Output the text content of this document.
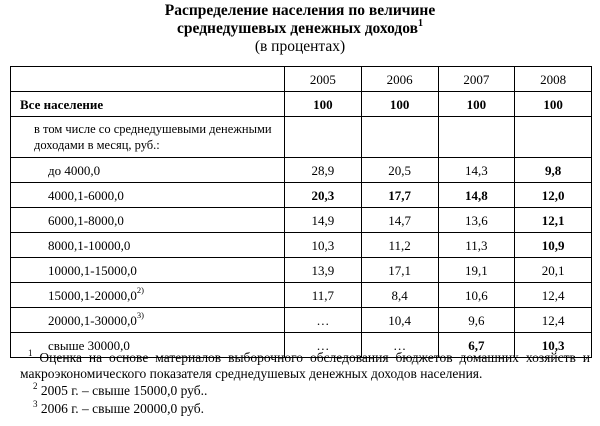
Распределение населения по величине
среднедушевых денежных доходов$^1$
(в процентах)
	2005	2006	2007	2008
Все население	100	100	100	100
в том числе со среднедушевыми денежными доходами в месяц, руб.:				
до 4000,0	28,9	20,5	14,3	9,8
4000,1-6000,0	20,3	17,7	14,8	12,0
6000,1-8000,0	14,9	14,7	13,6	12,1
8000,1-10000,0	10,3	11,2	11,3	10,9
10000,1-15000,0	13,9	17,1	19,1	20,1
15000,1-20000,0$^{2)}$	11,7	8,4	10,6	12,4
20000,1-30000,0$^{3)}$	…	10,4	9,6	12,4
свыше 30000,0	…	…	6,7	10,3
$^1$ Оценка на основе материалов выборочного обследования бюджетов домашних хозяйств и макроэкономического показателя среднедушевых денежных доходов населения.
$^2$ 2005 г. – свыше 15000,0 руб..
$^3$ 2006 г. – свыше 20000,0 руб.
